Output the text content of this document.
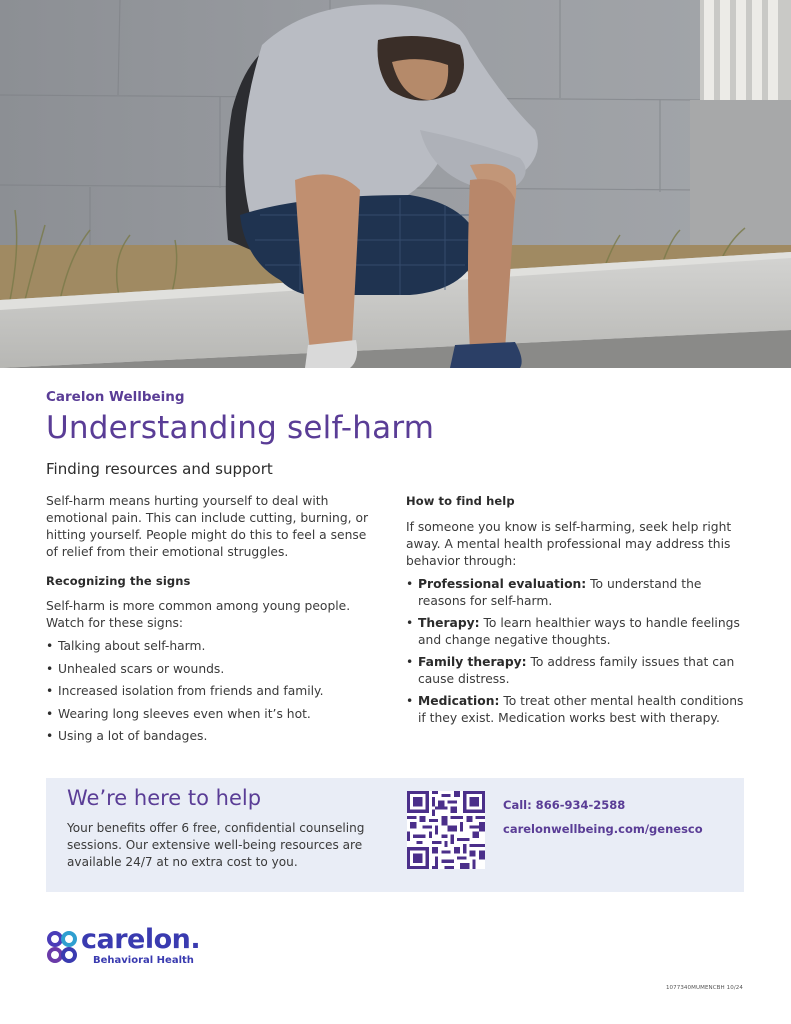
Carelon Wellbeing
Understanding self-harm
Finding resources and support

Self-harm means hurting yourself to deal with emotional pain. This can include cutting, burning, or hitting yourself. People might do this to feel a sense of relief from their emotional struggles.

Recognizing the signs

Self-harm is more common among young people. Watch for these signs:

• Talking about self-harm.
• Unhealed scars or wounds.
• Increased isolation from friends and family.
• Wearing long sleeves even when it’s hot.
• Using a lot of bandages.
How to find help

If someone you know is self-harming, seek help right away. A mental health professional may address this behavior through:

• Professional evaluation: To understand the reasons for self-harm.
• Therapy: To learn healthier ways to handle feelings and change negative thoughts.
• Family therapy: To address family issues that can cause distress.
• Medication: To treat other mental health conditions if they exist. Medication works best with therapy.
We’re here to help

Your benefits offer 6 free, confidential counseling sessions. Our extensive well-being resources are available 24/7 at no extra cost to you.

Call: 866-934-2588
carelonwellbeing.com/genesco
carelon.
Behavioral Health
1077340MUMENCBH 10/24
